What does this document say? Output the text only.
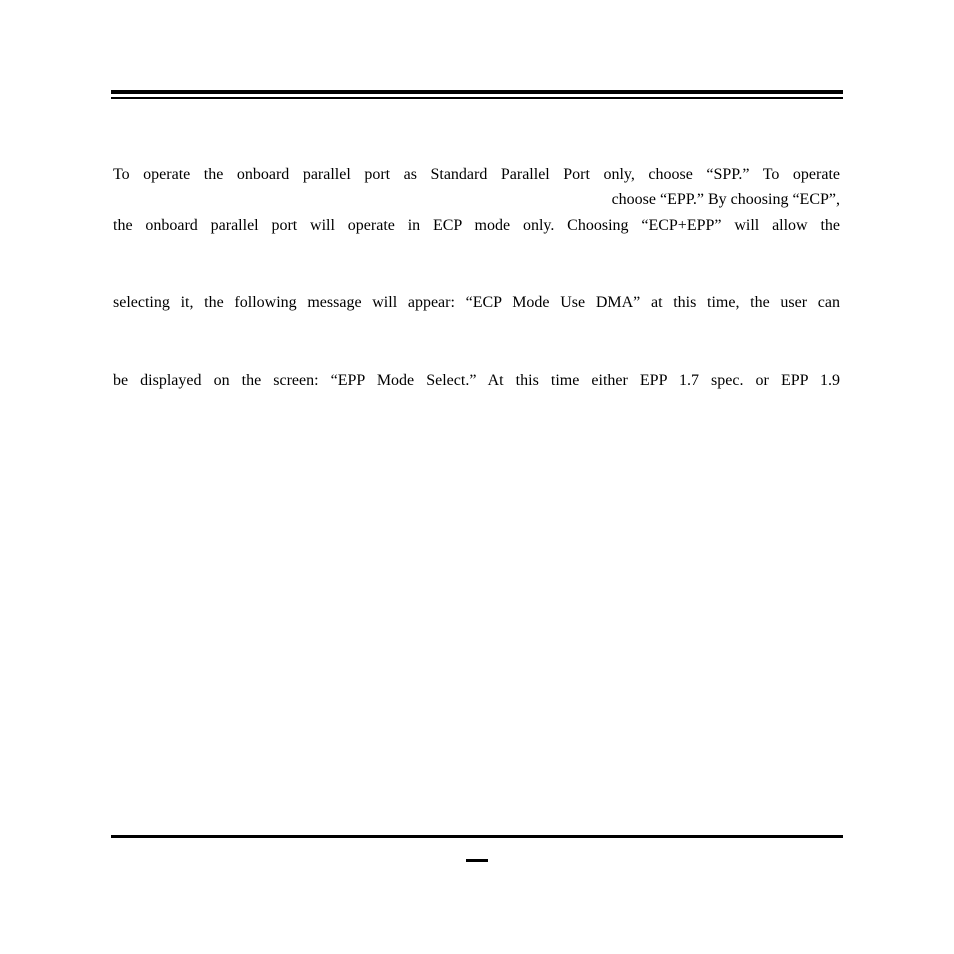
To operate the onboard parallel port as Standard Parallel Port only, choose “SPP.” To operate
choose “EPP.” By choosing “ECP”,
the onboard parallel port will operate in ECP mode only. Choosing “ECP+EPP” will allow the
selecting it, the following message will appear: “ECP Mode Use DMA” at this time, the user can
be displayed on the screen: “EPP Mode Select.” At this time either EPP 1.7 spec. or EPP 1.9
